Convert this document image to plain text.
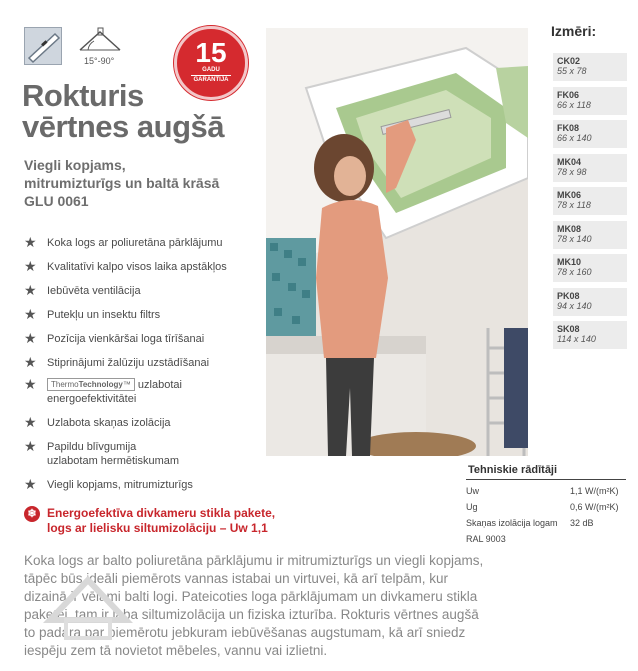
15°-90°	15
GADU
GARANTIJA
Rokturis
vērtnes augšā
Viegli kopjams,
mitrumizturīgs un baltā krāsā
GLU 0061
★ Koka logs ar poliuretāna pārklājumu
★ Kvalitatīvi kalpo visos laika apstākļos
★ Iebūvēta ventilācija
★ Putekļu un insektu filtrs
★ Pozīcija vienkāršai loga tīrīšanai
★ Stiprinājumi žalūziju uzstādīšanai
★ ThermoTechnology™ uzlabotai
energoefektivitātei
★ Uzlabota skaņas izolācija
★ Papildu blīvgumija
uzlabotam hermētiskumam
★ Viegli kopjams, mitrumizturīgs
❄ Energoefektīva divkameru stikla pakete,
logs ar lielisku siltumizolāciju – Uw 1,1
Izmēri:
CK02
55 x 78
FK06
66 x 118
FK08
66 x 140
MK04
78 x 98
MK06
78 x 118
MK08
78 x 140
MK10
78 x 160
PK08
94 x 140
SK08
114 x 140
Tehniskie rādītāji
Uw	1,1 W/(m²K)
Ug	0,6 W/(m²K)
Skaņas izolācija logam 32 dB
RAL 9003
Koka logs ar balto poliuretāna pārklājumu ir mitrumizturīgs un viegli kopjams,
tāpēc būs ideāli piemērots vannas istabai un virtuvei, kā arī telpām, kur
dizainā ir vēlami balti logi. Pateicoties loga pārklājumam un divkameru stikla
paketei, tam ir laba siltumizolācija un fiziska izturība. Rokturis vērtnes augšā
to padara par piemērotu jebkuram iebūvēšanas augstumam, kā arī sniedz
iespēju zem tā novietot mēbeles, vannu vai izlietni.
